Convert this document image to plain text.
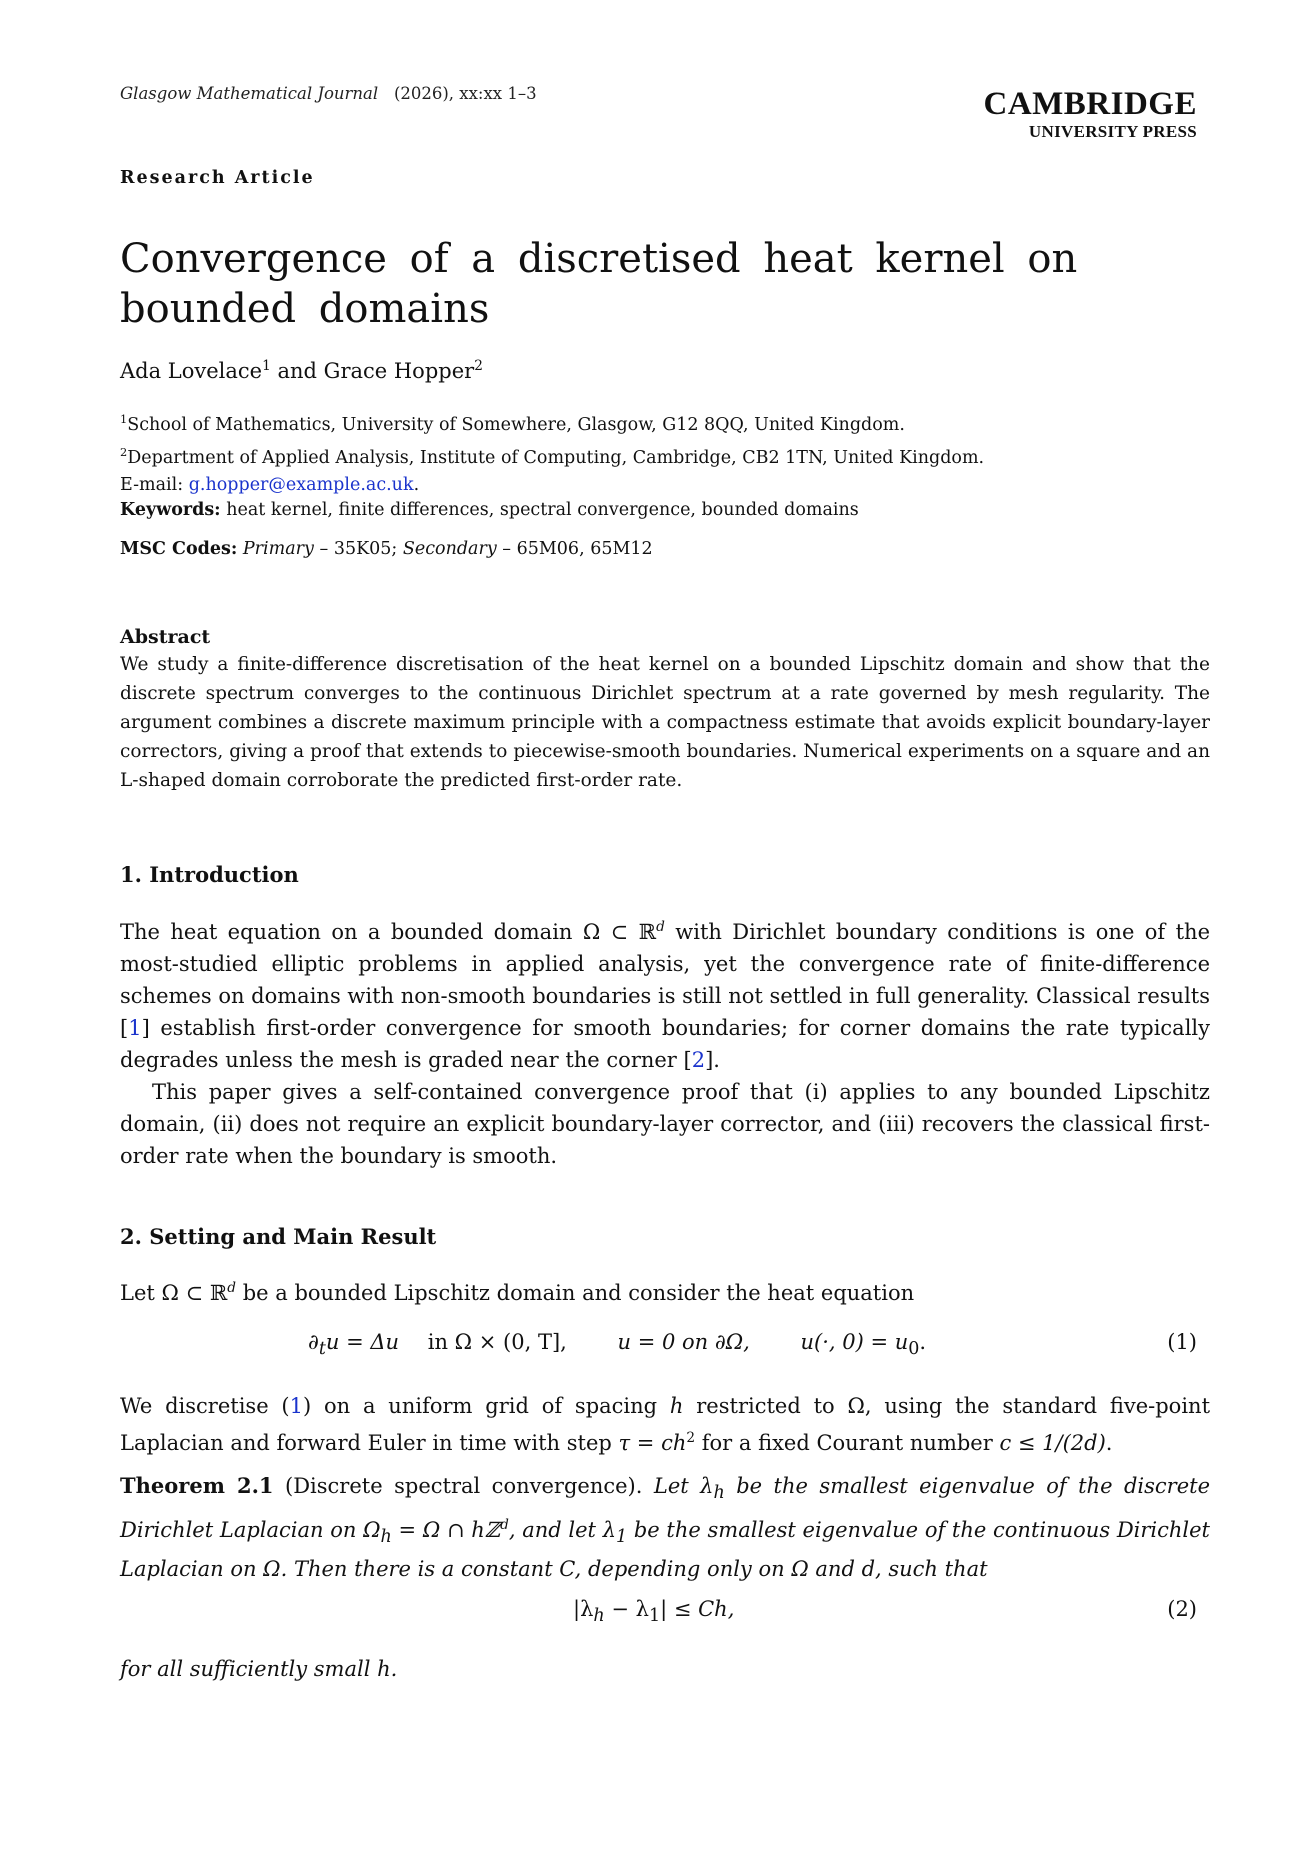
Glasgow Mathematical Journal (2026), xx:xx 1–3	CAMBRIDGE
UNIVERSITY PRESS
Research Article
Convergence of a discretised heat kernel on bounded domains
Ada Lovelace$^1$ and Grace Hopper$^2$
$^1$School of Mathematics, University of Somewhere, Glasgow, G12 8QQ, United Kingdom.
$^2$Department of Applied Analysis, Institute of Computing, Cambridge, CB2 1TN, United Kingdom.
E-mail: g.hopper@example.ac.uk.
Keywords: heat kernel, finite differences, spectral convergence, bounded domains
MSC Codes: Primary – 35K05; Secondary – 65M06, 65M12
Abstract
We study a finite-difference discretisation of the heat kernel on a bounded Lipschitz domain and show that the discrete spectrum converges to the continuous Dirichlet spectrum at a rate governed by mesh regularity. The argument combines a discrete maximum principle with a compactness estimate that avoids explicit boundary-layer correctors, giving a proof that extends to piecewise-smooth boundaries. Numerical experiments on a square and an L-shaped domain corroborate the predicted first-order rate.
1. Introduction

The heat equation on a bounded domain Ω ⊂ ℝ$^d$ with Dirichlet boundary conditions is one of the most-studied elliptic problems in applied analysis, yet the convergence rate of finite-difference schemes on domains with non-smooth boundaries is still not settled in full generality. Classical results [1] establish first-order convergence for smooth boundaries; for corner domains the rate typically degrades unless the mesh is graded near the corner [2].

This paper gives a self-contained convergence proof that (i) applies to any bounded Lipschitz domain, (ii) does not require an explicit boundary-layer corrector, and (iii) recovers the classical first-order rate when the boundary is smooth.

2. Setting and Main Result
Let Ω ⊂ ℝ$^d$ be a bounded Lipschitz domain and consider the heat equation
$\partial_tu = \Delta u$ in Ω × (0, T], u = 0 on ∂Ω, u(·, $0) = u_0$.	(1)
We discretise (1) on a uniform grid of spacing h restricted to Ω, using the standard five-point Laplacian and forward Euler in time with step $\tau = ch^2$ for a fixed Courant number c ≤ 1/(2d).
Theorem 2.1 (Discrete spectral convergence). Let $\lambda_h$ be the smallest eigenvalue of the discrete Dirichlet Laplacian on $\Omega_h = \Omega$ ∩ hℤ$^d$, and let $\lambda_1$ be the smallest eigenvalue of the continuous Dirichlet Laplacian on Ω. Then there is a constant C, depending only on Ω and d, such that
$|\lambda_h - \lambda_1| \le Ch$,	(2)
for all sufficiently small h.
